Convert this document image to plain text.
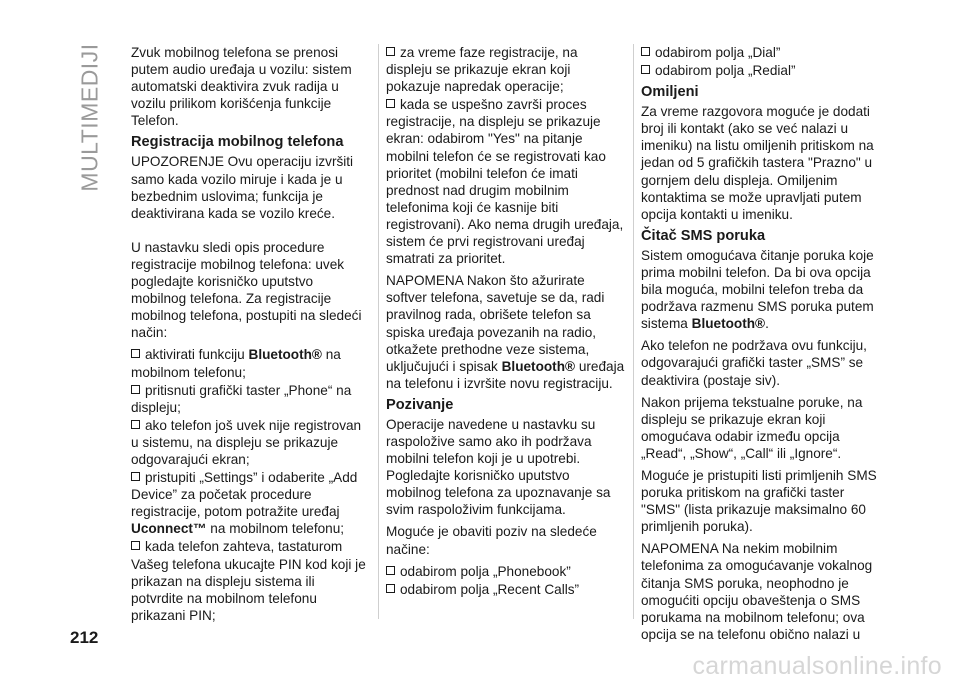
MULTIMEDIJI Zvuk mobilnog telefona se prenosi putem audio uređaja u vozilu: sistem automatski deaktivira zvuk radija u vozilu prilikom korišćenja funkcije Telefon.

Registracija mobilnog telefona

UPOZORENJE Ovu operaciju izvršiti samo kada vozilo miruje i kada je u bezbednim uslovima; funkcija je deaktivirana kada se vozilo kreće.

U nastavku sledi opis procedure registracije mobilnog telefona: uvek pogledajte korisničko uputstvo mobilnog telefona. Za registracije mobilnog telefona, postupiti na sledeći način:

aktivirati funkciju Bluetooth® na mobilnom telefonu;
pritisnuti grafički taster „Phone“ na displeju;
ako telefon još uvek nije registrovan u sistemu, na displeju se prikazuje odgovarajući ekran;
pristupiti „Settings” i odaberite „Add Device” za početak procedure registracije, potom potražite uređaj Uconnect™ na mobilnom telefonu;
kada telefon zahteva, tastaturom Vašeg telefona ukucajte PIN kod koji je prikazan na displeju sistema ili potvrdite na mobilnom telefonu prikazani PIN;
za vreme faze registracije, na displeju se prikazuje ekran koji pokazuje napredak operacije;
kada se uspešno završi proces registracije, na displeju se prikazuje ekran: odabirom "Yes" na pitanje mobilni telefon će se registrovati kao prioritet (mobilni telefon će imati prednost nad drugim mobilnim telefonima koji će kasnije biti registrovani). Ako nema drugih uređaja, sistem će prvi registrovani uređaj smatrati za prioritet.

NAPOMENA Nakon što ažurirate softver telefona, savetuje se da, radi pravilnog rada, obrišete telefon sa spiska uređaja povezanih na radio, otkažete prethodne veze sistema, uključujući i spisak Bluetooth® uređaja na telefonu i izvršite novu registraciju.

Pozivanje

Operacije navedene u nastavku su raspoložive samo ako ih podržava mobilni telefon koji je u upotrebi. Pogledajte korisničko uputstvo mobilnog telefona za upoznavanje sa svim raspoloživim funkcijama.

Moguće je obaviti poziv na sledeće načine:

odabirom polja „Phonebook”
odabirom polja „Recent Calls”
odabirom polja „Dial”
odabirom polja „Redial”
Omiljeni

Za vreme razgovora moguće je dodati broj ili kontakt (ako se već nalazi u imeniku) na listu omiljenih pritiskom na jedan od 5 grafičkih tastera "Prazno" u gornjem delu displeja. Omiljenim kontaktima se može upravljati putem opcija kontakti u imeniku.

Čitač SMS poruka

Sistem omogućava čitanje poruka koje prima mobilni telefon. Da bi ova opcija bila moguća, mobilni telefon treba da podržava razmenu SMS poruka putem sistema Bluetooth®.

Ako telefon ne podržava ovu funkciju, odgovarajući grafički taster „SMS” se deaktivira (postaje siv).

Nakon prijema tekstualne poruke, na displeju se prikazuje ekran koji omogućava odabir između opcija „Read“, „Show“, „Call“ ili „Ignore“.

Moguće je pristupiti listi primljenih SMS poruka pritiskom na grafički taster "SMS" (lista prikazuje maksimalno 60 primljenih poruka).

NAPOMENA Na nekim mobilnim telefonima za omogućavanje vokalnog čitanja SMS poruka, neophodno je omogućiti opciju obaveštenja o SMS porukama na mobilnom telefonu; ova opcija se na telefonu obično nalazi u

212
carmanualsonline.info
